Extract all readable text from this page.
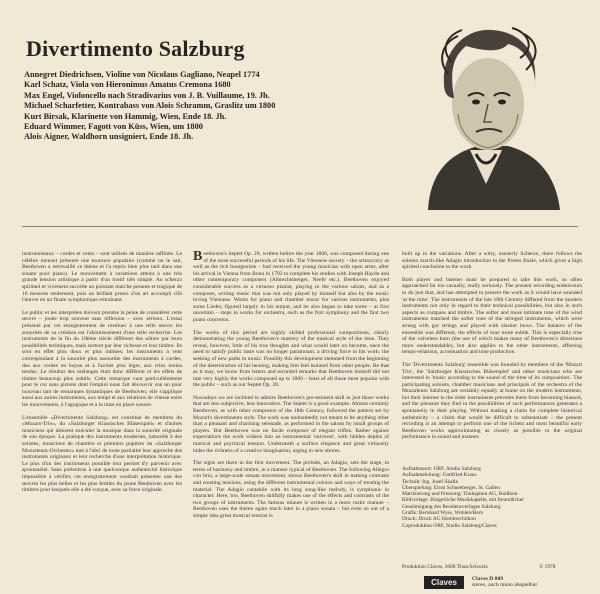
Divertimento Salzburg
Annegret Diedrichsen, Violine von Nicolaus Gagliano, Neapel 1774
Karl Schatz, Viola von Hieronimus Amatus Cremona 1680
Max Engel, Violoncello nach Stradivarius von J. B. Vuillaume, 19. Jh.
Michael Scharfetter, Kontrabass von Alois Schramm, Graslitz um 1800
Kurt Birsak, Klarinette von Hammig, Wien, Ende 18. Jh.
Eduard Wimmer, Fagott von Küss, Wien, um 1800
Alois Aigner, Waldhorn unsigniert, Ende 18. Jh.

instrumentaux – cordes et vents – sont utilisés de manière raffinée. Le célèbre menuet présente une tournure populaire (comme on le sait, Beethoven a retravaillé ce thème et l'a repris bien plus tard dans une sonate pour piano). Le mouvement à variations atteint à une très grande tension artistique à partir d'un motif très simple. Au scherzo spirituel et vivement succède un puissant marche pesante et tragique de 16 mesures seulement, puis un brillant presto d'un art accompli clôt l'œuvre en un finale symphonique entraînant.

Le public et les interprètes doivent prendre la peine de considérer cette œuvre – jouée trop souvent sans réflexion – avec sérieux. L'essai présenté par cet enregistrement de restituer à une telle œuvre les sonorités de sa création est l'aboutissement d'une telle recherche. Les instruments de la fin du 18ème siècle différent des nôtres par leurs possibilités techniques, mais surtout par leur richesse et leur timbre. Ils sont en effet plus doux et plus intimes; les instruments à vent correspondant à la sonorité plus assourdie des instruments à cordes, dus aux cordes en boyau et à l'archet plus léger, aux crins moins tendus. Le résultat des mélanges était donc différent et les effets de timbre beaucoup plus subtils. Cette remarque vaut particulièrement pour le cor sans pistons dont l'emploi nous fait découvrir son un pour nouveau tant de remarques dynamiques de Beethoven; elle s'applique aussi aux autres instruments, aux tempi et aux relations de vitesse entre les mouvements, à l'agogique et à la mise en place sonore.

L'ensemble «Divertimento Salzburg» est constitué de membres du «Mozart-Trio», du «Salzburger Klassisches Bläserspiel» et d'autres musiciens qui désirent exécuter la musique dans la sonorité originale de son époque. La pratique des instruments modernes, naturelle à des solistes, musiciens de chambre et premiers pupitres du «Salzburger Mozarteum-Orchester» met à l'abri de toute partialité leur approche des instruments originaux et leur recherche d'une interprétation historique. Le plus d'un des instruments possible leur permet d'y parvenir avec spontanéité. Sans prétention à une quelconque authenticité historique impossible à vérifier, cet enregistrement voudrait présenter une des œuvres les plus belles et les plus fertiles du jeune Beethoven avec les timbres pour lesquels elle a été conçue, avec sa force originale.

Beethoven's Septet Op. 20, written before the year 1800, was composed during one of the most successful periods of his life. The Viennese society – the aristocracy as well as the rich bourgeoisie – had received the young musician with open arms, after his arrival in Vienna from Bonn in 1792 to complete his studies with Joseph Haydn and other contemporary composers (Albrechtsberger, Neefe etc.). Beethoven enjoyed considerable success as a virtuoso pianist, playing in the various salons, and as a composer, writing music that was not only played by himself but also by the music loving Viennese. Works for piano and chamber music for various instruments, plus some Lieder, figured largely in his output, and he also began to take some – at first uncertain – steps in works for orchestra, such as the first symphony and the first two piano concertos.

The works of this period are highly skilled professional compositions, clearly demonstrating the young Beethoven's mastery of the musical style of the time. They reveal, however, little of his true thoughts and what would later on become, once the need to satisfy public taste was no longer paramount, a driving force in his work: the seeking of new paths in music. Possibly this development stemmed from the beginning of the deterioration of his hearing, making him feel isolated from other people. Be that as it may, we know from letters and recorded remarks that Beethoven himself did not rate very highly the works composed up to 1800 – least of all those most popular with the public – such as our Septet Op. 20.

Nowadays we are inclined to admire Beethoven's pre-eminent skill in just those works that are less subjective, less innovative. The Septet is a good example. Almost certainly Beethoven, as with other composers of the 18th Century, followed the pattern set by Mozart's divertimento style. The work was undoubtedly not meant to be anything other than a pleasant and charming serenade, as performed in the salons by small groups of players. But Beethoven was no facile composer of elegant trifles. Rather against expectations the work widens into an instrumental 'universe', with hidden depths of musical and psychical tension. Underneath a surface elegance and great virtuosity hides the richness of a creative imagination, urging to new shores.

The signs are there in the first movement. The prelude, an Adagio, sets the stage, in terms of harmony and timbre, in a manner typical of Beethoven. The following Allegro con brio, a large-scale sonata movement, shows Beethoven's skill in making contrasts and creating tensions, using the different instrumental colours and ways of treating the material. The Adagio cantabile with its long song-like melody, is symphonic in character. Here, too, Beethoven skilfully makes use of the effects and contrasts of the two groups of instruments. The famous minuet is written in a more rustic manner – Beethoven uses the theme again much later in a piano sonata – but even so out of a simple idea great musical tension is

built up in the variations. After a witty, masterly Scherzo, there follows the solemn march-like Adagio introduction to the Presto finale, which gives a high spirited conclusion to the work.

Both player and listener must be prepared to take this work, so often approached far too casually, really seriously. The present recording endeavours to do just that, and has attempted to present the work as it would have sounded 'at the time'. The instruments of the late 18th Century differed from the modern instruments not only in regard to their technical possibilities, but also in such aspects as compass and timbre. The softer and more intimate tone of the wind instruments matched the softer tone of the stringed instruments, which were strung with gut strings and played with slacker bows. The balance of the ensemble was different, the effects of tone more subtle. This is especially true of the valveless horn (the use of which makes many of Beethoven's directions more understandable), but also applies to the other instruments, affecting tempo-relations, accentuation and tone production.

The 'Divertimento Salzburg' ensemble was founded by members of the 'Mozart Trio', the 'Salzburger Klassisches Bläserspiel' and other musicians who are interested in 'music according to the sound of the time of its composition'. The participating soloists, chamber musicians and principals of the orchestra of the Mozarteum Salzburg are certainly equally at home on the modern instruments, but their interest in the older instruments prevents them from becoming biassed, and the pleasure they find in the possibilities of such performances generates a spontaneity in their playing. Without making a claim for complete historical authenticity – a claim that would be difficult to substantiate – the present recording is an attempt to perform one of the richest and most beautiful early Beethoven works approximating as closely as possible to the original performance in sound and manner.

Aufnahmeort: ORF, Studio Salzburg
Aufnahmeleitung: Gottfried Kraus
Technik: Ing. Josef Skalla
Überspielung: Ernst Schneeberger, St. Gallen
Matrizierung und Pressung: Tonkaphon AG, Rudikon
Bildvorlage: Bürgerliche Musikkapelle, mit freundlicher
Genehmigung des Residenzverlages Salzburg
Grafik: Bernhard Wyss, Wohlen/Bern
Druck: Druck AG Hombrechtikon
Coproduktion ORF, Studio Salzburg/Claves
Produktion Claves, 3600 Thun/Schweiz	© 1978
Claves	Claves D 809
stereo, auch mono abspielbar
